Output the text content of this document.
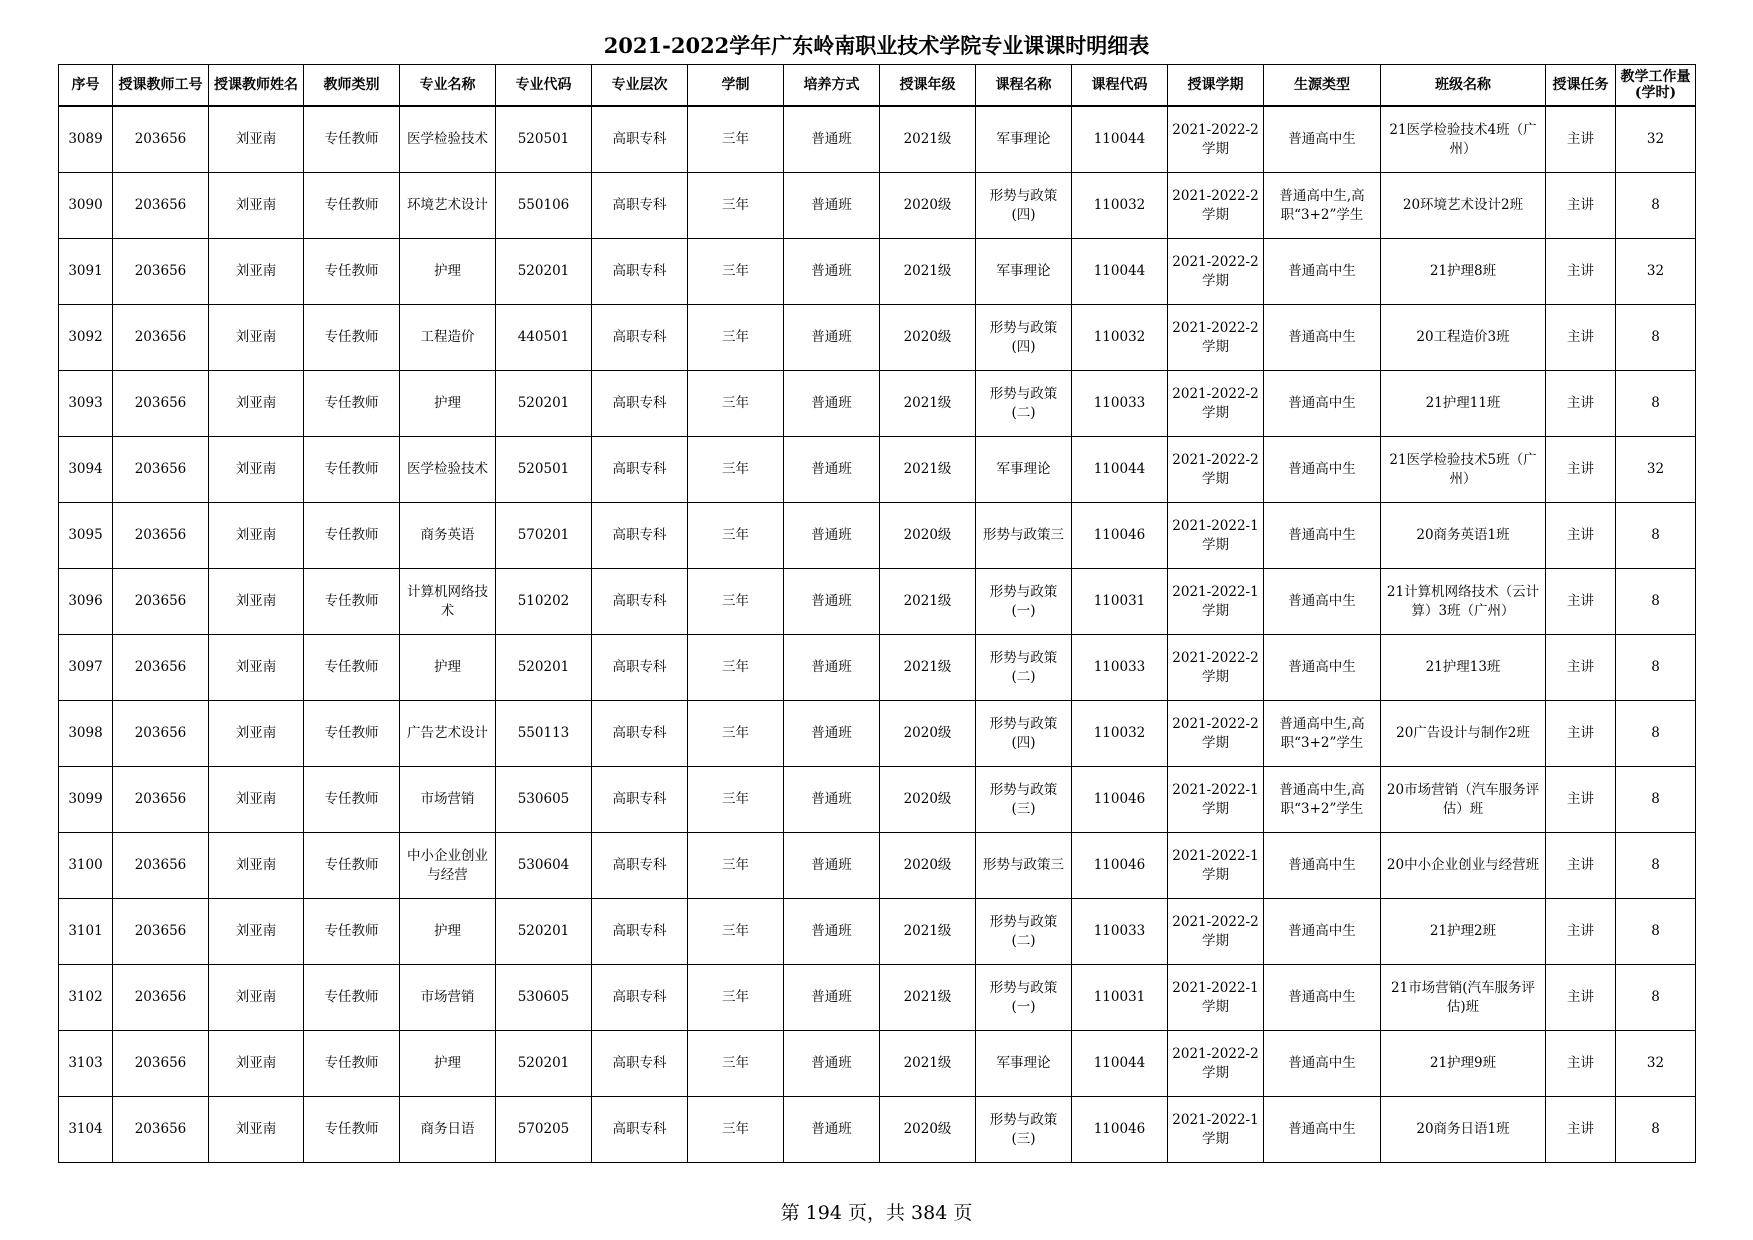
2021-2022学年广东岭南职业技术学院专业课课时明细表
序号	授课教师工号	授课教师姓名	教师类别	专业名称	专业代码	专业层次	学制	培养方式	授课年级	课程名称	课程代码	授课学期	生源类型	班级名称	授课任务	教学工作量(学时)
3089	203656	刘亚南	专任教师	医学检验技术	520501	高职专科	三年	普通班	2021级	军事理论	110044	2021-2022-2学期	普通高中生	21医学检验技术4班（广州）	主讲	32
3090	203656	刘亚南	专任教师	环境艺术设计	550106	高职专科	三年	普通班	2020级	形势与政策(四)	110032	2021-2022-2学期	普通高中生,高职“3+2”学生	20环境艺术设计2班	主讲	8
3091	203656	刘亚南	专任教师	护理	520201	高职专科	三年	普通班	2021级	军事理论	110044	2021-2022-2学期	普通高中生	21护理8班	主讲	32
3092	203656	刘亚南	专任教师	工程造价	440501	高职专科	三年	普通班	2020级	形势与政策(四)	110032	2021-2022-2学期	普通高中生	20工程造价3班	主讲	8
3093	203656	刘亚南	专任教师	护理	520201	高职专科	三年	普通班	2021级	形势与政策(二)	110033	2021-2022-2学期	普通高中生	21护理11班	主讲	8
3094	203656	刘亚南	专任教师	医学检验技术	520501	高职专科	三年	普通班	2021级	军事理论	110044	2021-2022-2学期	普通高中生	21医学检验技术5班（广州）	主讲	32
3095	203656	刘亚南	专任教师	商务英语	570201	高职专科	三年	普通班	2020级	形势与政策三	110046	2021-2022-1学期	普通高中生	20商务英语1班	主讲	8
3096	203656	刘亚南	专任教师	计算机网络技术	510202	高职专科	三年	普通班	2021级	形势与政策(一)	110031	2021-2022-1学期	普通高中生	21计算机网络技术（云计算）3班（广州）	主讲	8
3097	203656	刘亚南	专任教师	护理	520201	高职专科	三年	普通班	2021级	形势与政策(二)	110033	2021-2022-2学期	普通高中生	21护理13班	主讲	8
3098	203656	刘亚南	专任教师	广告艺术设计	550113	高职专科	三年	普通班	2020级	形势与政策(四)	110032	2021-2022-2学期	普通高中生,高职“3+2”学生	20广告设计与制作2班	主讲	8
3099	203656	刘亚南	专任教师	市场营销	530605	高职专科	三年	普通班	2020级	形势与政策(三)	110046	2021-2022-1学期	普通高中生,高职“3+2”学生	20市场营销（汽车服务评估）班	主讲	8
3100	203656	刘亚南	专任教师	中小企业创业与经营	530604	高职专科	三年	普通班	2020级	形势与政策三	110046	2021-2022-1学期	普通高中生	20中小企业创业与经营班	主讲	8
3101	203656	刘亚南	专任教师	护理	520201	高职专科	三年	普通班	2021级	形势与政策(二)	110033	2021-2022-2学期	普通高中生	21护理2班	主讲	8
3102	203656	刘亚南	专任教师	市场营销	530605	高职专科	三年	普通班	2021级	形势与政策(一)	110031	2021-2022-1学期	普通高中生	21市场营销(汽车服务评估)班	主讲	8
3103	203656	刘亚南	专任教师	护理	520201	高职专科	三年	普通班	2021级	军事理论	110044	2021-2022-2学期	普通高中生	21护理9班	主讲	32
3104	203656	刘亚南	专任教师	商务日语	570205	高职专科	三年	普通班	2020级	形势与政策(三)	110046	2021-2022-1学期	普通高中生	20商务日语1班	主讲	8
第 194 页，共 384 页
